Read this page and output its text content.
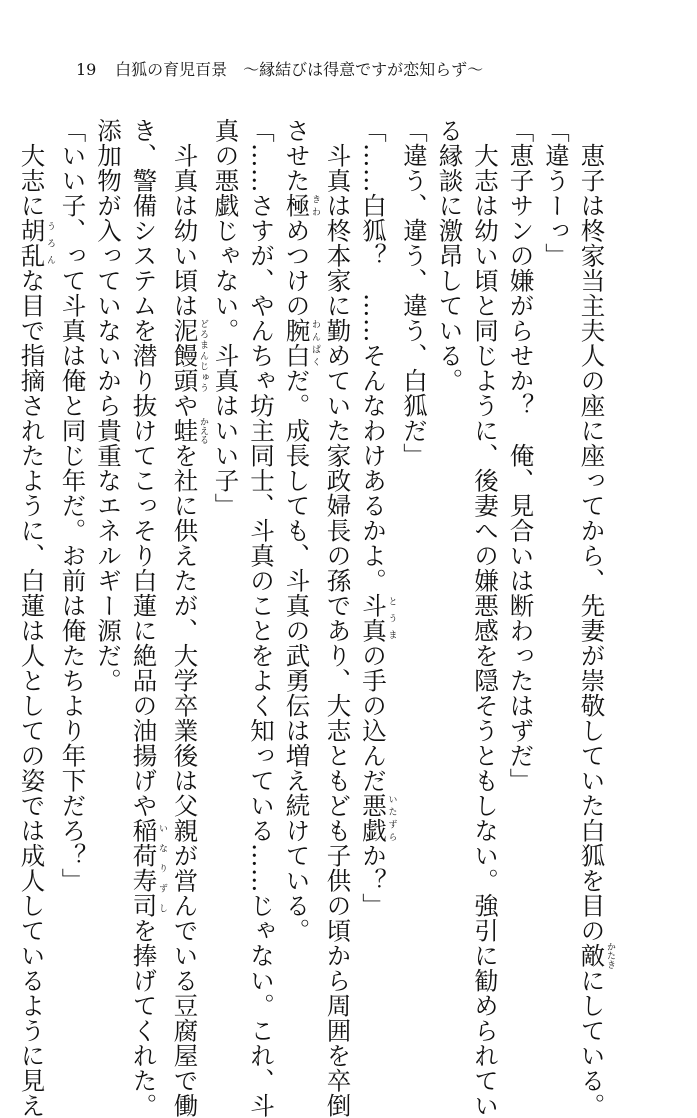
19 白狐の育児百景　〜縁結びは得意ですが恋知らず〜
恵子は柊家当主夫人の座に座ってから、先妻が崇敬していた白狐を目の敵かたきにしている。
「違うーっ」
「恵子サンの嫌がらせか？　俺、見合いは断わったはずだ」
大志は幼い頃と同じように、後妻への嫌悪感を隠そうともしない。強引に勧められてい
る縁談に激昂している。
「違う、違う、違う、白狐だ」
「……白狐？　……そんなわけあるかよ。斗真とうまの手の込んだ悪戯いたずらか？」
斗真は柊本家に勤めていた家政婦長の孫であり、大志ともども子供の頃から周囲を卒倒
させた極きわめつけの腕白わんぱくだ。成長しても、斗真の武勇伝は増え続けている。
「……さすが、やんちゃ坊主同士、斗真のことをよく知っている……じゃない。これ、斗
真の悪戯じゃない。斗真はいい子」
斗真は幼い頃は泥饅頭どろまんじゅうや蛙かえるを社に供えたが、大学卒業後は父親が営んでいる豆腐屋で働
き、警備システムを潜り抜けてこっそり白蓮に絶品の油揚げや稲荷寿司いなりずしを捧げてくれた。
添加物が入っていないから貴重なエネルギー源だ。
「いい子、って斗真は俺と同じ年だ。お前は俺たちより年下だろ？」
大志に胡乱うろんな目で指摘されたように、白蓮は人としての姿では成人しているように見え
